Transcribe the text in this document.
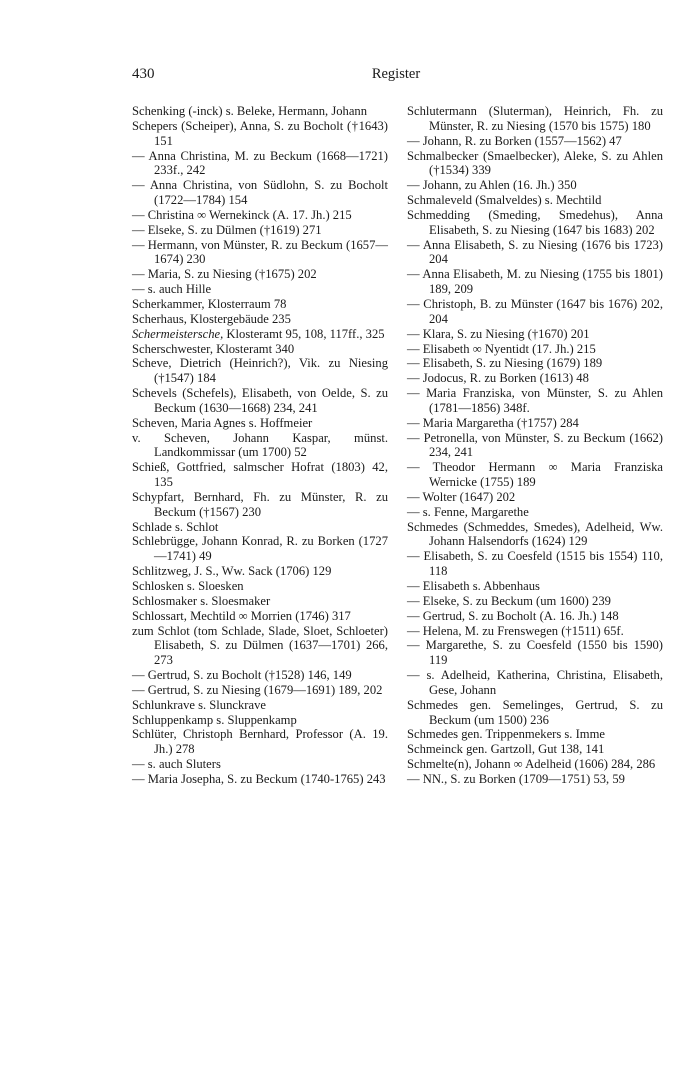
430	Register

Schenking (-inck) s. Beleke, Hermann, Johann

Schepers (Scheiper), Anna, S. zu Bocholt (†1643) 151

— Anna Christina, M. zu Beckum (1668—1721) 233f., 242

— Anna Christina, von Südlohn, S. zu Bocholt (1722—1784) 154

— Christina ∞ Wernekinck (A. 17. Jh.) 215

— Elseke, S. zu Dülmen (†1619) 271

— Hermann, von Münster, R. zu Beckum (1657—1674) 230

— Maria, S. zu Niesing (†1675) 202

— s. auch Hille

Scherkammer, Klosterraum 78

Scherhaus, Klostergebäude 235

Schermeistersche, Klosteramt 95, 108, 117ff., 325

Scherschwester, Klosteramt 340

Scheve, Dietrich (Heinrich?), Vik. zu Niesing (†1547) 184

Schevels (Schefels), Elisabeth, von Oelde, S. zu Beckum (1630—1668) 234, 241

Scheven, Maria Agnes s. Hoffmeier

v. Scheven, Johann Kaspar, münst. Landkommissar (um 1700) 52

Schieß, Gottfried, salmscher Hofrat (1803) 42, 135

Schypfart, Bernhard, Fh. zu Münster, R. zu Beckum (†1567) 230

Schlade s. Schlot

Schlebrügge, Johann Konrad, R. zu Borken (1727—1741) 49

Schlitzweg, J. S., Ww. Sack (1706) 129

Schlosken s. Sloesken

Schlosmaker s. Sloesmaker

Schlossart, Mechtild ∞ Morrien (1746) 317

zum Schlot (tom Schlade, Slade, Sloet, Schloeter) Elisabeth, S. zu Dülmen (1637—1701) 266, 273

— Gertrud, S. zu Bocholt (†1528) 146, 149

— Gertrud, S. zu Niesing (1679—1691) 189, 202

Schlunkrave s. Slunckrave

Schluppenkamp s. Sluppenkamp

Schlüter, Christoph Bernhard, Professor (A. 19. Jh.) 278

— s. auch Sluters

— Maria Josepha, S. zu Beckum (1740-1765) 243

Schlutermann (Sluterman), Heinrich, Fh. zu Münster, R. zu Niesing (1570 bis 1575) 180

— Johann, R. zu Borken (1557—1562) 47

Schmalbecker (Smaelbecker), Aleke, S. zu Ahlen (†1534) 339

— Johann, zu Ahlen (16. Jh.) 350

Schmaleveld (Smalveldes) s. Mechtild

Schmedding (Smeding, Smedehus), Anna Elisabeth, S. zu Niesing (1647 bis 1683) 202

— Anna Elisabeth, S. zu Niesing (1676 bis 1723) 204

— Anna Elisabeth, M. zu Niesing (1755 bis 1801) 189, 209

— Christoph, B. zu Münster (1647 bis 1676) 202, 204

— Klara, S. zu Niesing (†1670) 201

— Elisabeth ∞ Nyentidt (17. Jh.) 215

— Elisabeth, S. zu Niesing (1679) 189

— Jodocus, R. zu Borken (1613) 48

— Maria Franziska, von Münster, S. zu Ahlen (1781—1856) 348f.

— Maria Margaretha (†1757) 284

— Petronella, von Münster, S. zu Beckum (1662) 234, 241

— Theodor Hermann ∞ Maria Franziska Wernicke (1755) 189

— Wolter (1647) 202

— s. Fenne, Margarethe

Schmedes (Schmeddes, Smedes), Adelheid, Ww. Johann Halsendorfs (1624) 129

— Elisabeth, S. zu Coesfeld (1515 bis 1554) 110, 118

— Elisabeth s. Abbenhaus

— Elseke, S. zu Beckum (um 1600) 239

— Gertrud, S. zu Bocholt (A. 16. Jh.) 148

— Helena, M. zu Frenswegen (†1511) 65f.

— Margarethe, S. zu Coesfeld (1550 bis 1590) 119

— s. Adelheid, Katherina, Christina, Elisabeth, Gese, Johann

Schmedes gen. Semelinges, Gertrud, S. zu Beckum (um 1500) 236

Schmedes gen. Trippenmekers s. Imme

Schmeinck gen. Gartzoll, Gut 138, 141

Schmelte(n), Johann ∞ Adelheid (1606) 284, 286

— NN., S. zu Borken (1709—1751) 53, 59
